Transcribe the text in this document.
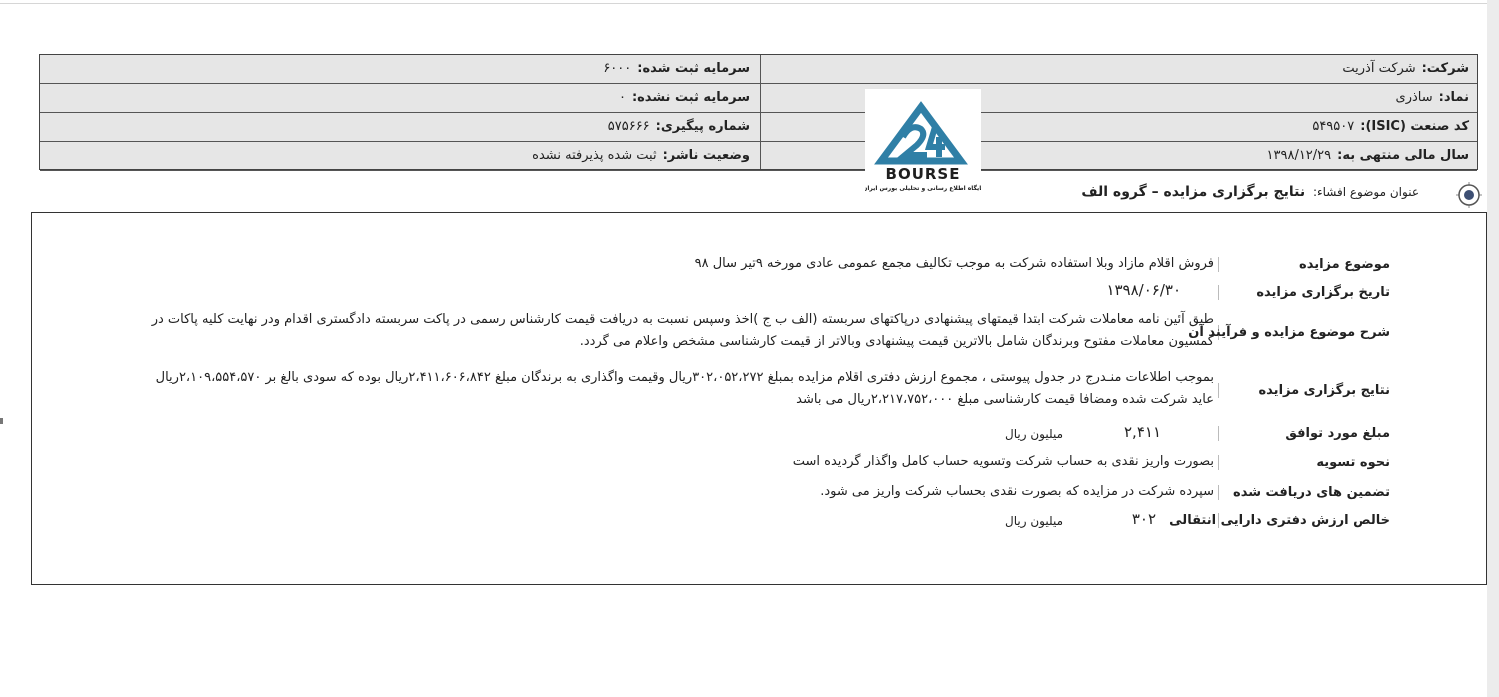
شرکت:شرکت آذریت
سرمایه ثبت شده:۶۰۰۰
نماد:ساذری
سرمایه ثبت نشده:۰
کد صنعت (ISIC):۵۴۹۵۰۷
شماره پیگیری:۵۷۵۶۶۶
سال مالی منتهی به:۱۳۹۸/۱۲/۲۹
وضعیت ناشر:ثبت شده پذیرفته نشده
BOURSE
پایگاه اطلاع رسانی و تحلیلی بورس ایران	عنوان موضوع افشاء: نتایج برگزاری مزایده – گروه الف
موضوع مزایده
فروش اقلام مازاد وبلا استفاده شرکت به موجب تکالیف مجمع عمومی عادی مورخه ۹تیر سال ۹۸
تاریخ برگزاری مزایده
۱۳۹۸/۰۶/۳۰
شرح موضوع مزایده و فرآیند آن
طبق آئین نامه معاملات شرکت ابتدا قیمتهای پیشنهادی درپاکتهای سربسته (الف ب ج )اخذ وسپس نسبت به دریافت قیمت کارشناس رسمی در پاکت سربسته دادگستری اقدام ودر نهایت کلیه پاکات در کمسیون معاملات مفتوح وبرندگان شامل بالاترین قیمت پیشنهادی وبالاتر از قیمت کارشناسی مشخص واعلام می گردد.
نتایج برگزاری مزایده
بموجب اطلاعات منـدرج در جدول پیوستی ، مجموع ارزش دفتری اقلام مزایده بمبلغ ۳۰۲،۰۵۲،۲۷۲ریال وقیمت واگذاری به برندگان مبلغ ۲،۴۱۱،۶۰۶،۸۴۲ریال بوده که سودی بالغ بر ۲،۱۰۹،۵۵۴،۵۷۰ریال عاید شرکت شده ومضافا قیمت کارشناسی مبلغ ۲،۲۱۷،۷۵۲،۰۰۰ریال می باشد
مبلغ مورد توافق
۲,۴۱۱
میلیون ریال
نحوه تسویه
بصورت واریز نقدی به حساب شرکت وتسویه حساب کامل واگذار گردیده است
تضمین های دریافت شده
سپرده شرکت در مزایده که بصورت نقدی بحساب شرکت واریز می شود.
خالص ارزش دفتری دارایی انتقالی
۳۰۲
میلیون ریال
